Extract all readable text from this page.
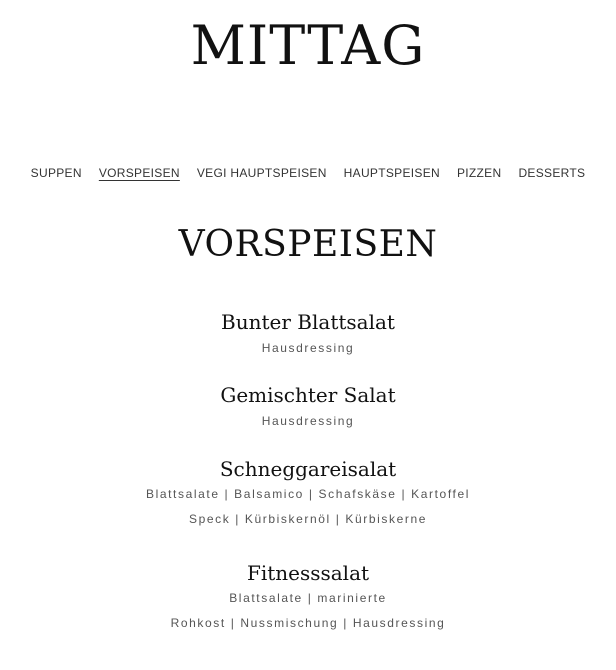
MITTAG
SUPPEN VORSPEISEN VEGI HAUPTSPEISEN HAUPTSPEISEN PIZZEN DESSERTS
VORSPEISEN
Bunter Blattsalat
Hausdressing
Gemischter Salat
Hausdressing
Schneggareisalat
Blattsalate | Balsamico | Schafskäse | Kartoffel
Speck | Kürbiskernöl | Kürbiskerne
Fitnesssalat
Blattsalate | marinierte
Rohkost | Nussmischung | Hausdressing
